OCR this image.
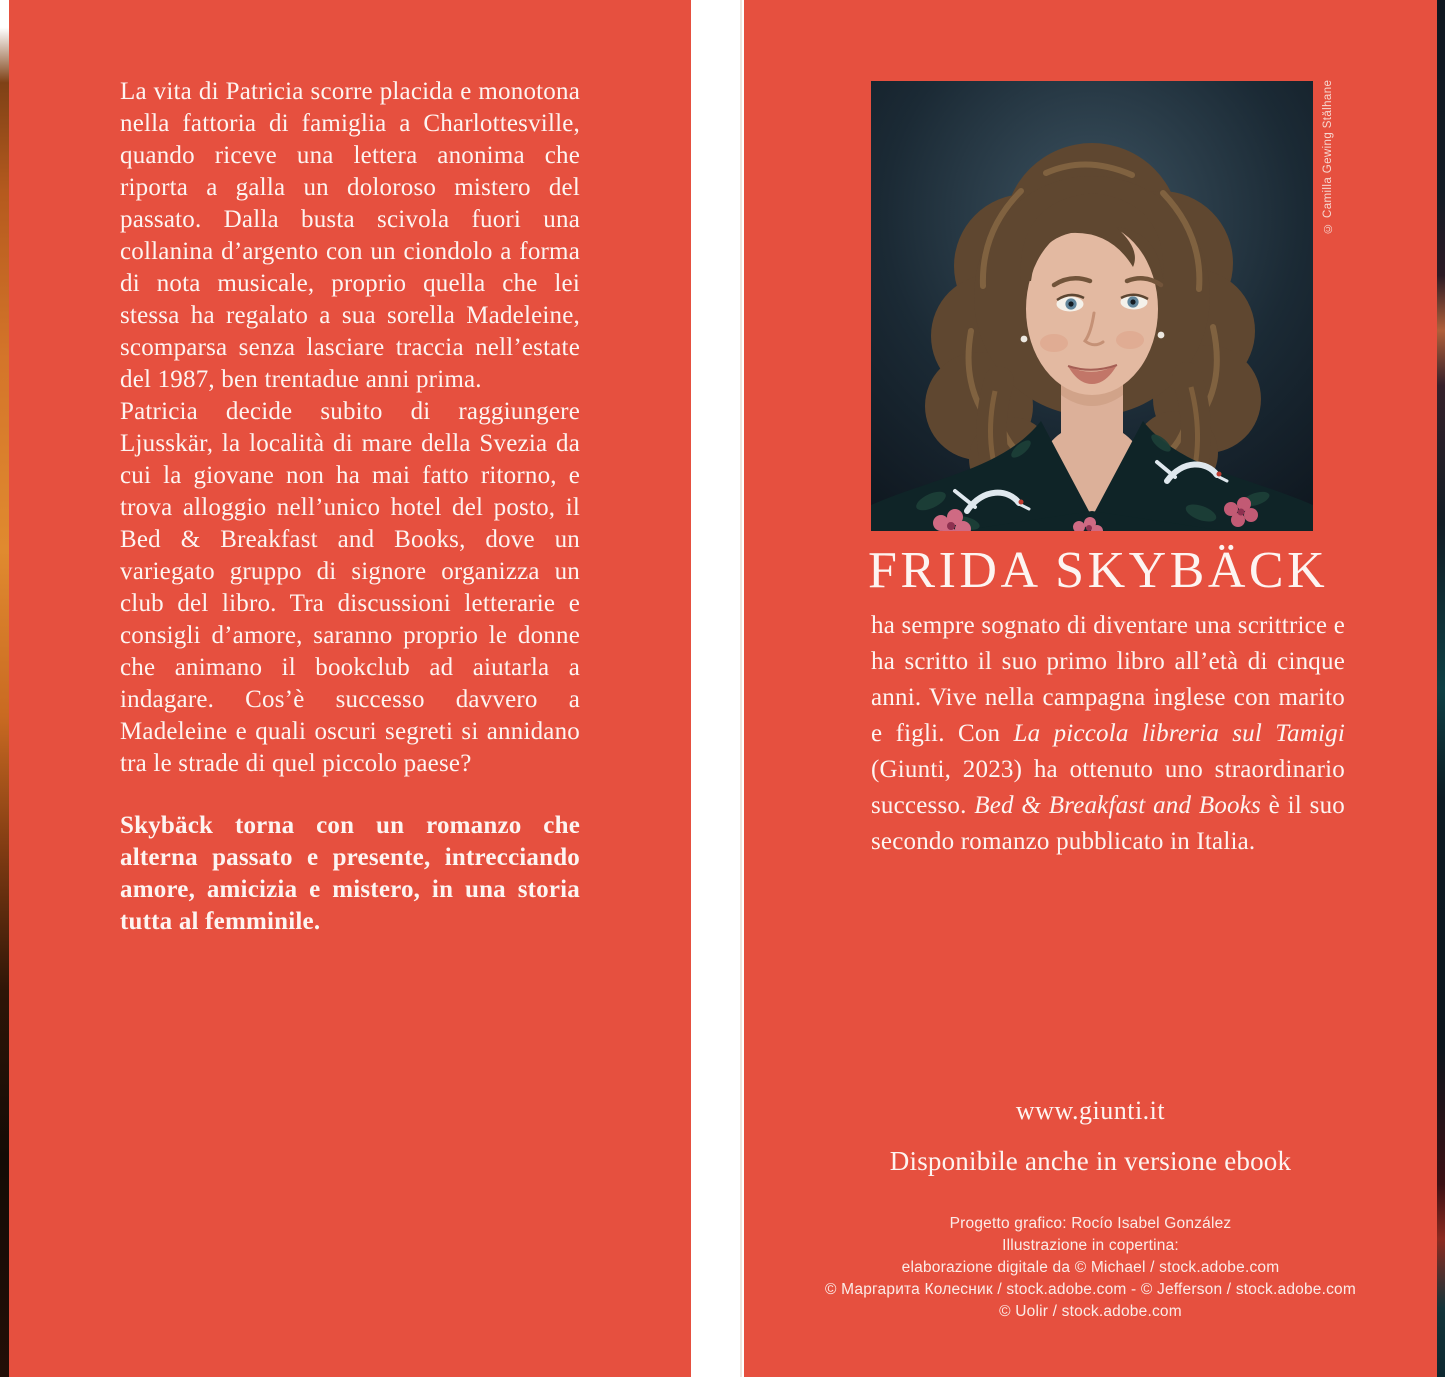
La vita di Patricia scorre placida e monotona nella fattoria di famiglia a Charlottesville, quando riceve una lettera anonima che riporta a galla un doloroso mistero del passato. Dalla busta scivola fuori una collanina d’argento con un ciondolo a forma di nota musicale, proprio quella che lei stessa ha regalato a sua sorella Madeleine, scomparsa senza lasciare traccia nell’estate del 1987, ben trentadue anni prima.

Patricia decide subito di raggiungere Ljusskär, la località di mare della Svezia da cui la giovane non ha mai fatto ritorno, e trova alloggio nell’unico hotel del posto, il Bed & Breakfast and Books, dove un variegato gruppo di signore organizza un club del libro. Tra discussioni letterarie e consigli d’amore, saranno proprio le donne che animano il bookclub ad aiutarla a indagare. Cos’è successo davvero a Madeleine e quali oscuri segreti si annidano tra le strade di quel piccolo paese?

Skybäck torna con un romanzo che alterna passato e presente, intrecciando amore, amicizia e mistero, in una storia tutta al femminile.

© Camilla Gewing Stålhane
FRIDA SKYBÄCK

ha sempre sognato di diventare una scrittrice e ha scritto il suo primo libro all’età di cinque anni. Vive nella campagna inglese con marito e figli. Con La piccola libreria sul Tamigi (Giunti, 2023) ha ottenuto uno straordinario successo. Bed & Breakfast and Books è il suo secondo romanzo pubblicato in Italia.

www.giunti.it
Disponibile anche in versione ebook
Progetto grafico: Rocío Isabel González
Illustrazione in copertina:
elaborazione digitale da © Michael / stock.adobe.com
© Маргарита Колесник / stock.adobe.com - © Jefferson / stock.adobe.com
© Uolir / stock.adobe.com
